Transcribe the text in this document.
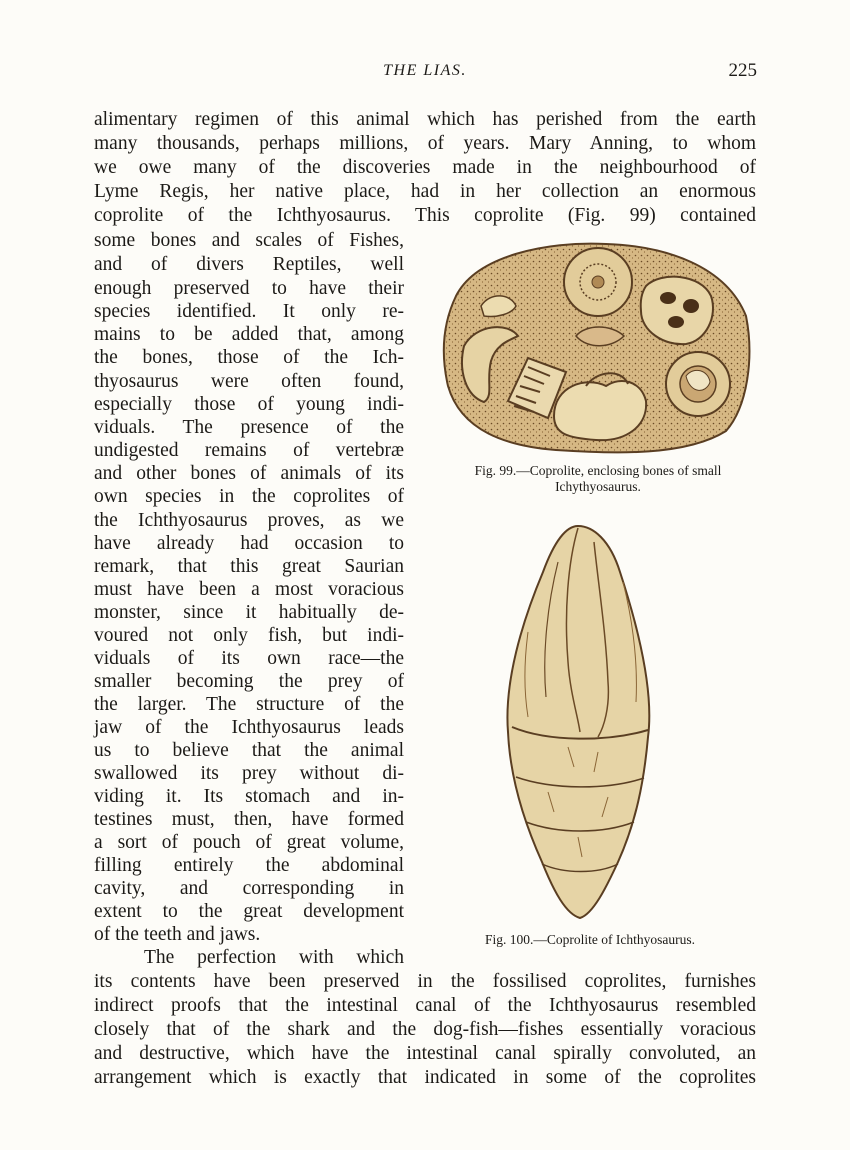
THE LIAS.	225
alimentary regimen of this animal which has perished from the earth
many thousands, perhaps millions, of years. Mary Anning, to whom
we owe many of the discoveries made in the neighbourhood of
Lyme Regis, her native place, had in her collection an enormous
coprolite of the Ichthyosaurus. This coprolite (Fig. 99) contained
some bones and scales of Fishes,
and of divers Reptiles, well
enough preserved to have their
species identified. It only re-
mains to be added that, among
the bones, those of the Ich-
thyosaurus were often found,
especially those of young indi-
viduals. The presence of the
undigested remains of vertebræ
and other bones of animals of its
own species in the coprolites of
the Ichthyosaurus proves, as we
have already had occasion to
remark, that this great Saurian
must have been a most voracious
monster, since it habitually de-
voured not only fish, but indi-
viduals of its own race—the
smaller becoming the prey of
the larger. The structure of the
jaw of the Ichthyosaurus leads
us to believe that the animal
swallowed its prey without di-
viding it. Its stomach and in-
testines must, then, have formed
a sort of pouch of great volume,
filling entirely the abdominal
cavity, and corresponding in
extent to the great development
of the teeth and jaws.
The perfection with which
its contents have been preserved in the fossilised coprolites, furnishes
indirect proofs that the intestinal canal of the Ichthyosaurus resembled
closely that of the shark and the dog-fish—fishes essentially voracious
and destructive, which have the intestinal canal spirally convoluted, an
arrangement which is exactly that indicated in some of the coprolites
Fig. 99.—Coprolite, enclosing bones of small
Ichythyosaurus.
Fig. 100.—Coprolite of Ichthyosaurus.
